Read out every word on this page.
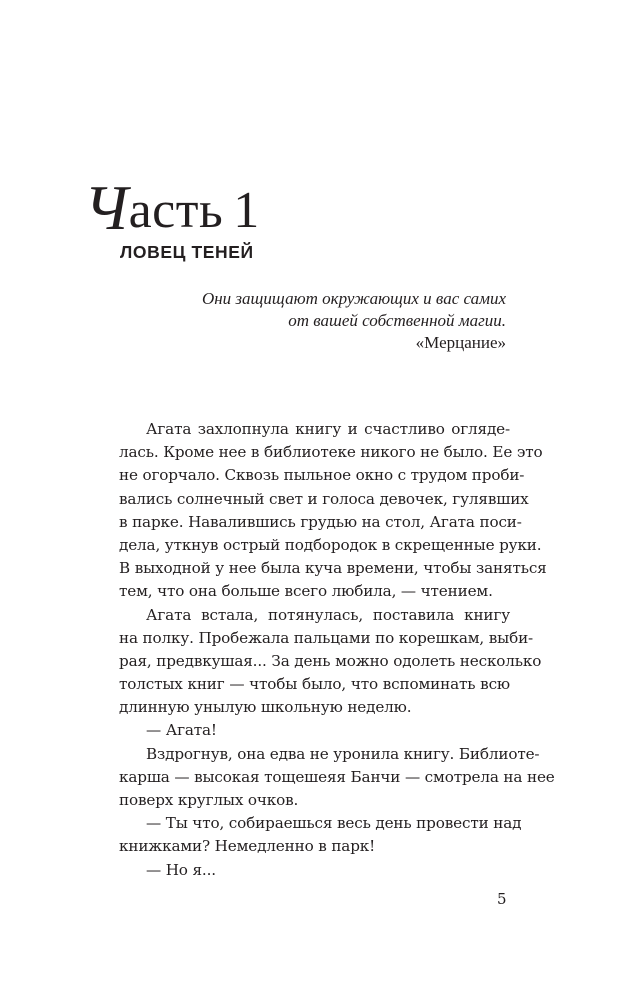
Часть 1
ЛОВЕЦ ТЕНЕЙ
Они защищают окружающих и вас самих
от вашей собственной магии.
«Мерцание»
Агата захлопнула книгу и счастливо огляде-
лась. Кроме нее в библиотеке никого не было. Ее это
не огорчало. Сквозь пыльное окно с трудом проби-
вались солнечный свет и голоса девочек, гулявших
в парке. Навалившись грудью на стол, Агата поси-
дела, уткнув острый подбородок в скрещенные руки.
В выходной у нее была куча времени, чтобы заняться
тем, что она больше всего любила, — чтением.
Агата встала, потянулась, поставила книгу
на полку. Пробежала пальцами по корешкам, выби-
рая, предвкушая... За день можно одолеть несколько
толстых книг — чтобы было, что вспоминать всю
длинную унылую школьную неделю.
— Агата!
Вздрогнув, она едва не уронила книгу. Библиоте-
карша — высокая тощешеяя Банчи — смотрела на нее
поверх круглых очков.
— Ты что, собираешься весь день провести над
книжками? Немедленно в парк!
— Но я...
5
